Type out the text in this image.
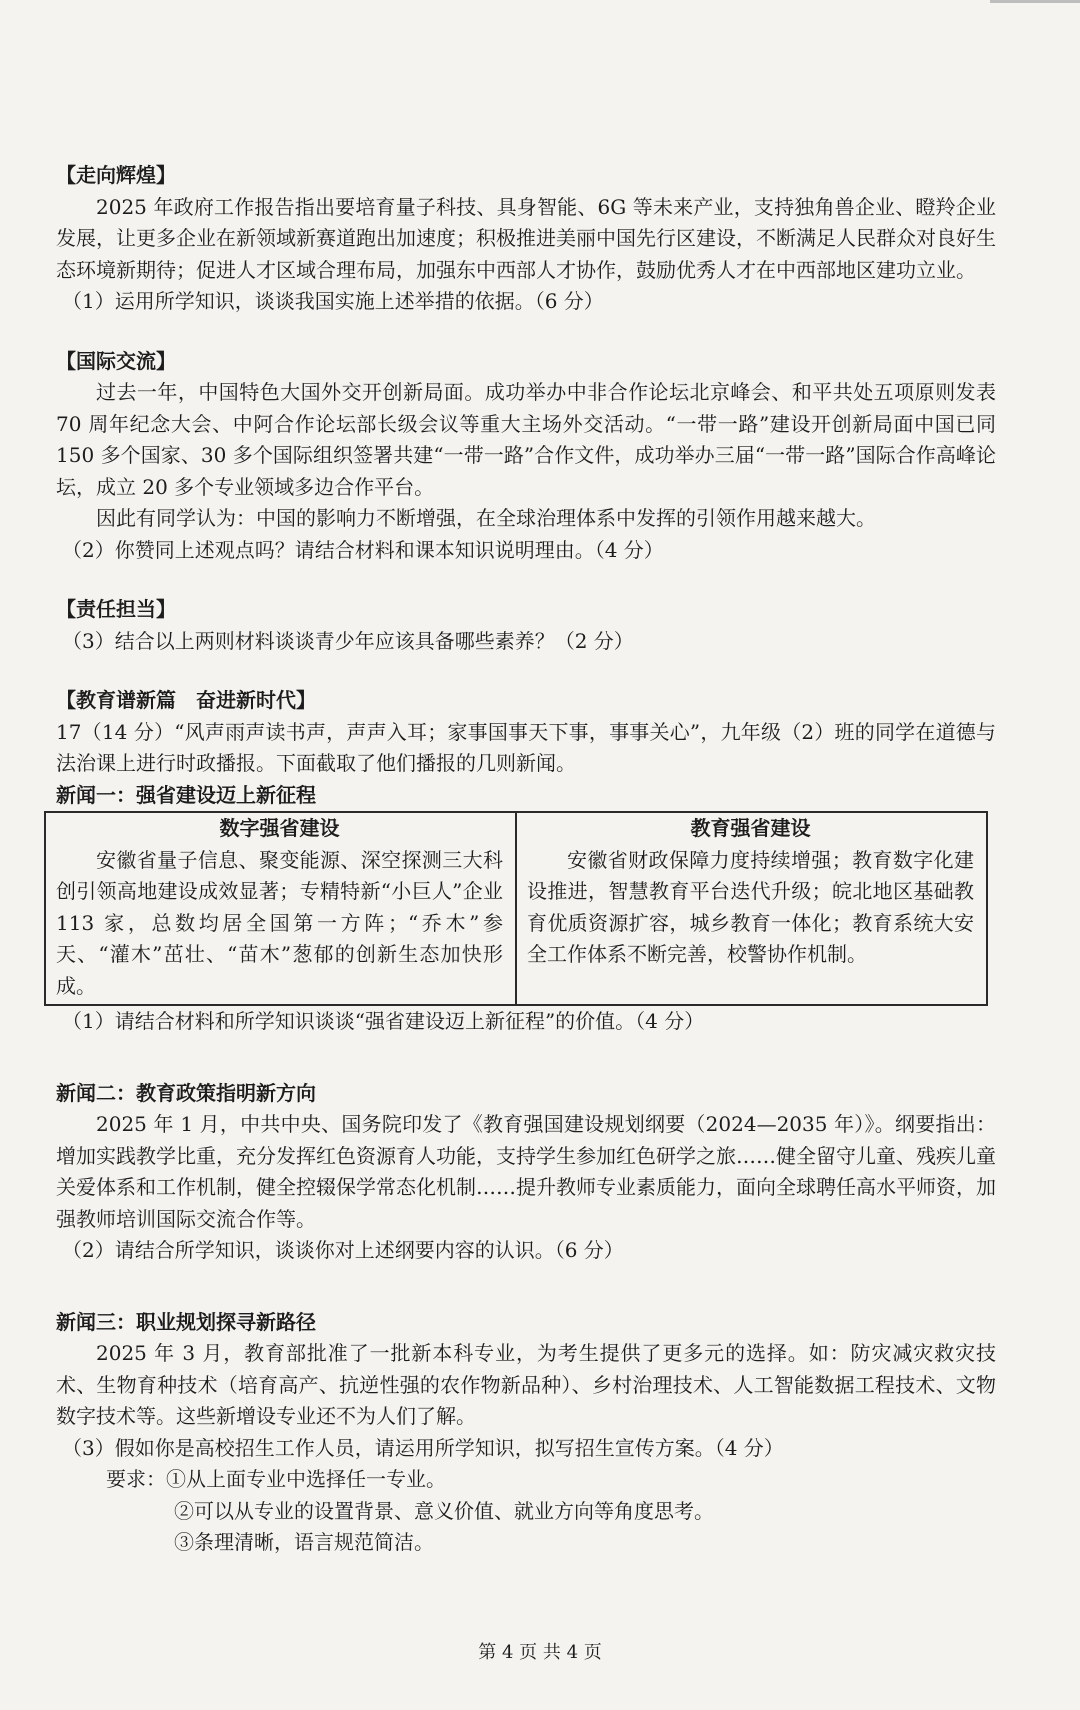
【走向辉煌】

2025 年政府工作报告指出要培育量子科技、具身智能、6G 等未来产业，支持独角兽企业、瞪羚企业发展，让更多企业在新领域新赛道跑出加速度；积极推进美丽中国先行区建设，不断满足人民群众对良好生态环境新期待；促进人才区域合理布局，加强东中西部人才协作，鼓励优秀人才在中西部地区建功立业。

（1）运用所学知识，谈谈我国实施上述举措的依据。（6 分）

【国际交流】

过去一年，中国特色大国外交开创新局面。成功举办中非合作论坛北京峰会、和平共处五项原则发表 70 周年纪念大会、中阿合作论坛部长级会议等重大主场外交活动。“一带一路”建设开创新局面中国已同 150 多个国家、30 多个国际组织签署共建“一带一路”合作文件，成功举办三届“一带一路”国际合作高峰论坛，成立 20 多个专业领域多边合作平台。

因此有同学认为：中国的影响力不断增强，在全球治理体系中发挥的引领作用越来越大。

（2）你赞同上述观点吗？请结合材料和课本知识说明理由。（4 分）

【责任担当】

（3）结合以上两则材料谈谈青少年应该具备哪些素养？（2 分）

【教育谱新篇　奋进新时代】

17（14 分）“风声雨声读书声，声声入耳；家事国事天下事，事事关心”，九年级（2）班的同学在道德与法治课上进行时政播报。下面截取了他们播报的几则新闻。

新闻一：强省建设迈上新征程

数字强省建设

安徽省量子信息、聚变能源、深空探测三大科创引领高地建设成效显著；专精特新“小巨人”企业 113 家，总数均居全国第一方阵；“乔木”参天、“灌木”茁壮、“苗木”葱郁的创新生态加快形成。

教育强省建设

安徽省财政保障力度持续增强；教育数字化建设推进，智慧教育平台迭代升级；皖北地区基础教育优质资源扩容，城乡教育一体化；教育系统大安全工作体系不断完善，校警协作机制。

（1）请结合材料和所学知识谈谈“强省建设迈上新征程”的价值。（4 分）

新闻二：教育政策指明新方向

2025 年 1 月，中共中央、国务院印发了《教育强国建设规划纲要（2024—2035 年）》。纲要指出：增加实践教学比重，充分发挥红色资源育人功能，支持学生参加红色研学之旅……健全留守儿童、残疾儿童关爱体系和工作机制，健全控辍保学常态化机制……提升教师专业素质能力，面向全球聘任高水平师资，加强教师培训国际交流合作等。

（2）请结合所学知识，谈谈你对上述纲要内容的认识。（6 分）

新闻三：职业规划探寻新路径

2025 年 3 月，教育部批准了一批新本科专业，为考生提供了更多元的选择。如：防灾减灾救灾技术、生物育种技术（培育高产、抗逆性强的农作物新品种）、乡村治理技术、人工智能数据工程技术、文物数字技术等。这些新增设专业还不为人们了解。

（3）假如你是高校招生工作人员，请运用所学知识，拟写招生宣传方案。（4 分）

要求：①从上面专业中选择任一专业。

②可以从专业的设置背景、意义价值、就业方向等角度思考。

③条理清晰，语言规范简洁。

第 4 页 共 4 页
